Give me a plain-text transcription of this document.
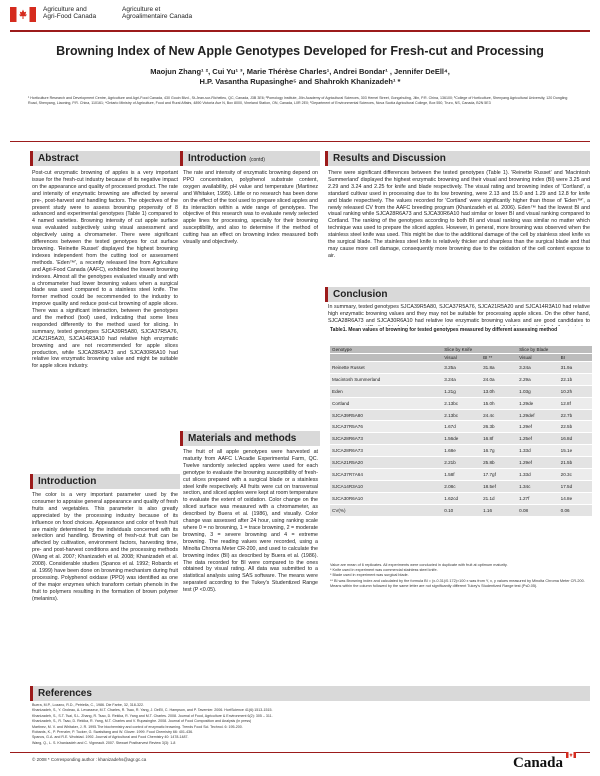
Agriculture and
Agri-Food Canada
Agriculture et
Agroalimentaire Canada
Browning Index of New Apple Genotypes Developed for Fresh-cut and Processing
Maojun Zhang¹ ², Cui Yu¹ ³, Marie Thérèse Charles¹, Andrei Bondar¹ , Jennifer DeEll⁴,
H.P. Vasantha Rupasinghe⁵ and Shahrokh Khanizadeh¹ *
¹ Horticulture Research and Development Centre, Agriculture and Agri-Food Canada, 430 Gouin Blvd., St-Jean-sur-Richelieu, QC, Canada, J3B 3E6; ²Pomology Institute, Jilin Academy of Agricultural Sciences, 303 Hemei Street, Gongzhuling, Jilin, P.R. China, 136100; ³College of Horticulture, Shenyang Agricultural University, 120 Dongling Road, Shenyang, Liaoning, P.R. China, 110161; ⁴Ontario Ministry of Agriculture, Food and Rural Affairs, 4890 Victoria Ave N, Box 8000, Vineland Station, ON, Canada, L0R 2E0; ⁵Department of Environmental Sciences, Nova Scotia Agricultural College, Box 550, Truro, NS, Canada, B2N 5E3
Abstract
Post-cut enzymatic browning of apples is a very important issue for the fresh-cut industry because of its negative impact on the appearance and quality of processed product. The rate and intensity of enzymatic browning are affected by several pre-, post-harvest and handling factors. The objectives of the present study were to assess browning propensity of 8 advanced and experimental genotypes (Table 1) compared to 4 named varieties. Browning intensity of cut apple surface was evaluated subjectively using visual assessment and objectively using a chromameter. There were significant differences between the tested genotypes for cut surface browning. 'Reinette Russet' displayed the highest browning indexes independent from the cutting tool or assessment methods. 'Eden™', a recently released line from Agriculture and Agri-Food Canada (AAFC), exhibited the lowest browning indexes. Almost all the genotypes evaluated visually and with a chromameter had lower browning values when a surgical blade was used compared to a stainless steel knife. The former method could be recommended to the industry to improve quality and reduce post-cut browning of apple slices. There was a significant interaction, between the genotypes and the method (tool) used, indicating that some lines responded differently to the method used for slicing. In summary, tested genotypes SJCA39R5A80, SJCA37R5A76, JCA21R5A20, SJCA14R3A10 had relative high enzymatic browning and are not recommended for apple slices production, while SJCA28R6A73 and SJCA30R6A10 had relative low enzymatic browning value and might be suitable for apple slices industry.
Introduction
The color is a very important parameter used by the consumer to appraise general appearance and quality of fresh fruits and vegetables. This parameter is also greatly appreciated by the processing industry because of its influence on food choices. Appearance and color of fresh fruit are mainly determined by the individuals concerned with its selection and handling. Browning of fresh-cut fruit can be affected by cultivation, environment factors, harvesting time, pre- and post-harvest conditions and the processing methods (Wang et al. 2007; Khanizadeh et al. 2008; Khanizadeh et al. 2008). Considerable studies (Spanos et al. 1992; Robards et al. 1999) have been done on browning mechanism during fruit processing. Polyphenol oxidase (PPO) was identified as one of the major enzymes which transform certain phenols in the fruit to polymers resulting in the formation of brown polymer (melanins).
Introduction (contd)
The rate and intensity of enzymatic browning depend on PPO concentration, polyphenol substrate content, oxygen availability, pH value and temperature (Martinez and Whitaker, 1995). Little or no research has been done on the effect of the tool used to prepare sliced apples and its interaction within a wide range of genotypes. The objective of this research was to evaluate newly selected apple lines for processing, specially for their browning susceptibility, and also to determine if the method of cutting has an effect on browning index measured both visually and objectively.
Materials and methods
The fruit of all apple genotypes were harvested at maturity from AAFC L'Acadie Experimental Farm, QC. Twelve randomly selected apples were used for each genotype to evaluate the browning susceptibility of fresh-cut slices prepared with a surgical blade or a stainless steel knife respectively. All fruits were cut on transversal section, and sliced apples were kept at room temperature to evaluate the extent of oxidation. Color change on the sliced surface was measured with a chromameter, as described by Buera et al. (1986), and visually. Color change was assessed after 24 hour, using ranking scale where 0 = no browning, 1 = trace browning, 2 = moderate browning, 3 = severe browning and 4 = extreme browning. The reading values were recorded, using a Minolta Chroma Meter CR-200, and used to calculate the browning index (BI) as described by Buera et al. (1986). The data recorded for BI were compared to the ones obtained by visual rating. All data was submitted to a statistical analysis using SAS software. The means were separated according to the Tukey's Studentized Range test (P <0.05).
Results and Discussion
There were significant differences between the tested genotypes (Table 1). 'Reinette Russet' and 'Macintosh Summerland' displayed the highest enzymatic browning and their visual and browning index (BI) were 3.25 and 2.29 and 3.24 and 2.25 for knife and blade respectively. The visual rating and browning index of 'Cortland', a standard cultivar used in processing due to its low browning, were 2.13 and 15.0 and 1.29 and 12.8 for knife and blade respectively. The values recorded for 'Cortland' were significantly higher than those of 'Eden™', a newly released CV from the AAFC breeding program (Khanizadeh et al. 2006). Eden™ had the lowest BI and visual ranking while SJCA28R6A73 and SJCA30R6A10 had similar or lower BI and visual ranking compared to Cortland. The ranking of the genotypes according to both BI and visual ranking was similar no matter which technique was used to prepare the sliced apples. However, in general, more browning was observed when the stainless steel knife was used. This might be due to the additional damage of the cell by stainless steel knife vs the surgical blade. The stainless steel knife is relatively thicker and sharpless than the surgical blade and that may cause more cell damage, consequently more browning due to the oxidation of the cell content expose to air.
Conclusion
In summary, tested genotypes SJCA39R5A80, SJCA37R5A76, SJCA21R5A20 and SJCA14R3A10 had relative high enzymatic browning values and they may not be suitable for processing apple slices. On the other hand, SJCA28R6A73 and SJCA30R6A10 had relative low enzymatic browning values and are good candidates to
Table1. Mean values of browning for tested genotypes measured by different assessing method
Genotype	Slice by Knife		Slice by Blade	
	Visual	BI **	Visual	BI
Reinette Russet	3.25a	31.8a	3.24a	31.9a
Macintosh Summerland	3.24a	24.0a	2.29a	22.1b
Eden	1.21g	13.0h	1.03g	10.2h
Cortland	2.13bc	15.0h	1.29de	12.8f
SJCA39R5A80	2.13bc	24.4c	1.29def	22.7b
SJCA37R5A76	1.67d	26.3b	1.29ef	22.5b
SJCA28R6A73	1.56de	16.8f	1.25ef	16.8d
SJCA28R6A73	1.68e	16.7g	1.33d	15.1e
SJCA21R5A20	2.21b	25.8b	1.29ef	21.5b
SJCA37R7A64	1.58f	17.7gf	1.33d	20.3c
SJCA14R3A10	2.08c	18.5ef	1.34c	17.5d
SJCA30R6A10	1.62cd	21.1d	1.27f	14.8e
CV(%)	0.10	1.16	0.08	0.06
Value are mean of 6 replicates. All experiments were conducted in duplicate with fruit at optimum maturity.
* Knife used in experiment was commercial stainless steel knife.
* Blade used in experiment was surgical blade.
** BI was Browning index and calculated by the formula BI = (x-0.31)/0.172)×100 x was from Y, x, y values measured by Minolta Chroma Meter CR-200.
Means within the column followed by the same letter are not significantly different Tukey's Studentized Range test (P≤0.05).
References
Buera, M.P., Lozano, R.D., Petriella, C., 1986. Die Farbe, 32, 318-322.
Khanizadeh, S., Y. Groleau, A. Levasseur, M.T. Charles, R. Tsao, R. Yang, J. DeEll, C. Hampson, and P. Tavernier. 2006. HortScience 41(6):1513-1515.
Khanizadeh, S., S.T. Tsai, S.L. Zhang, R. Tsao, D. Rekika, R. Yang and M.T. Charles. 2008. Journal of Food, Agriculture & Environment 6(2): 305 – 311.
Khanizadeh, S., R. Tsao, D. Rekika, R. Yang, M.T. Charles and V. Rupasinghe. 2008. Journal of Food Composition and Analysis (in press)
Martinez, M. V. and Whitaker, J. R. 1995.The biochemistry and control of enzymatic browning. Trends Food Sci. Technol. 6: 195-200.
Robards, K., P. Prenzler, P. Tucker, G. Swatsitang and W. Glover. 1999. Food Chemistry 66: 401-436.
Spanos, G.A. and R.E. Wrolstad. 1992. Journal of Agricultural and Food Chemistry 40: 1478-1487.
Wang, Q., L. S. Khanizadeh and C. Vigneault. 2007. Stewart Postharvest Review 3(3): 1-8
© 2008 * Corresponding author : khanizadehs@agr.gc.ca	Canada
